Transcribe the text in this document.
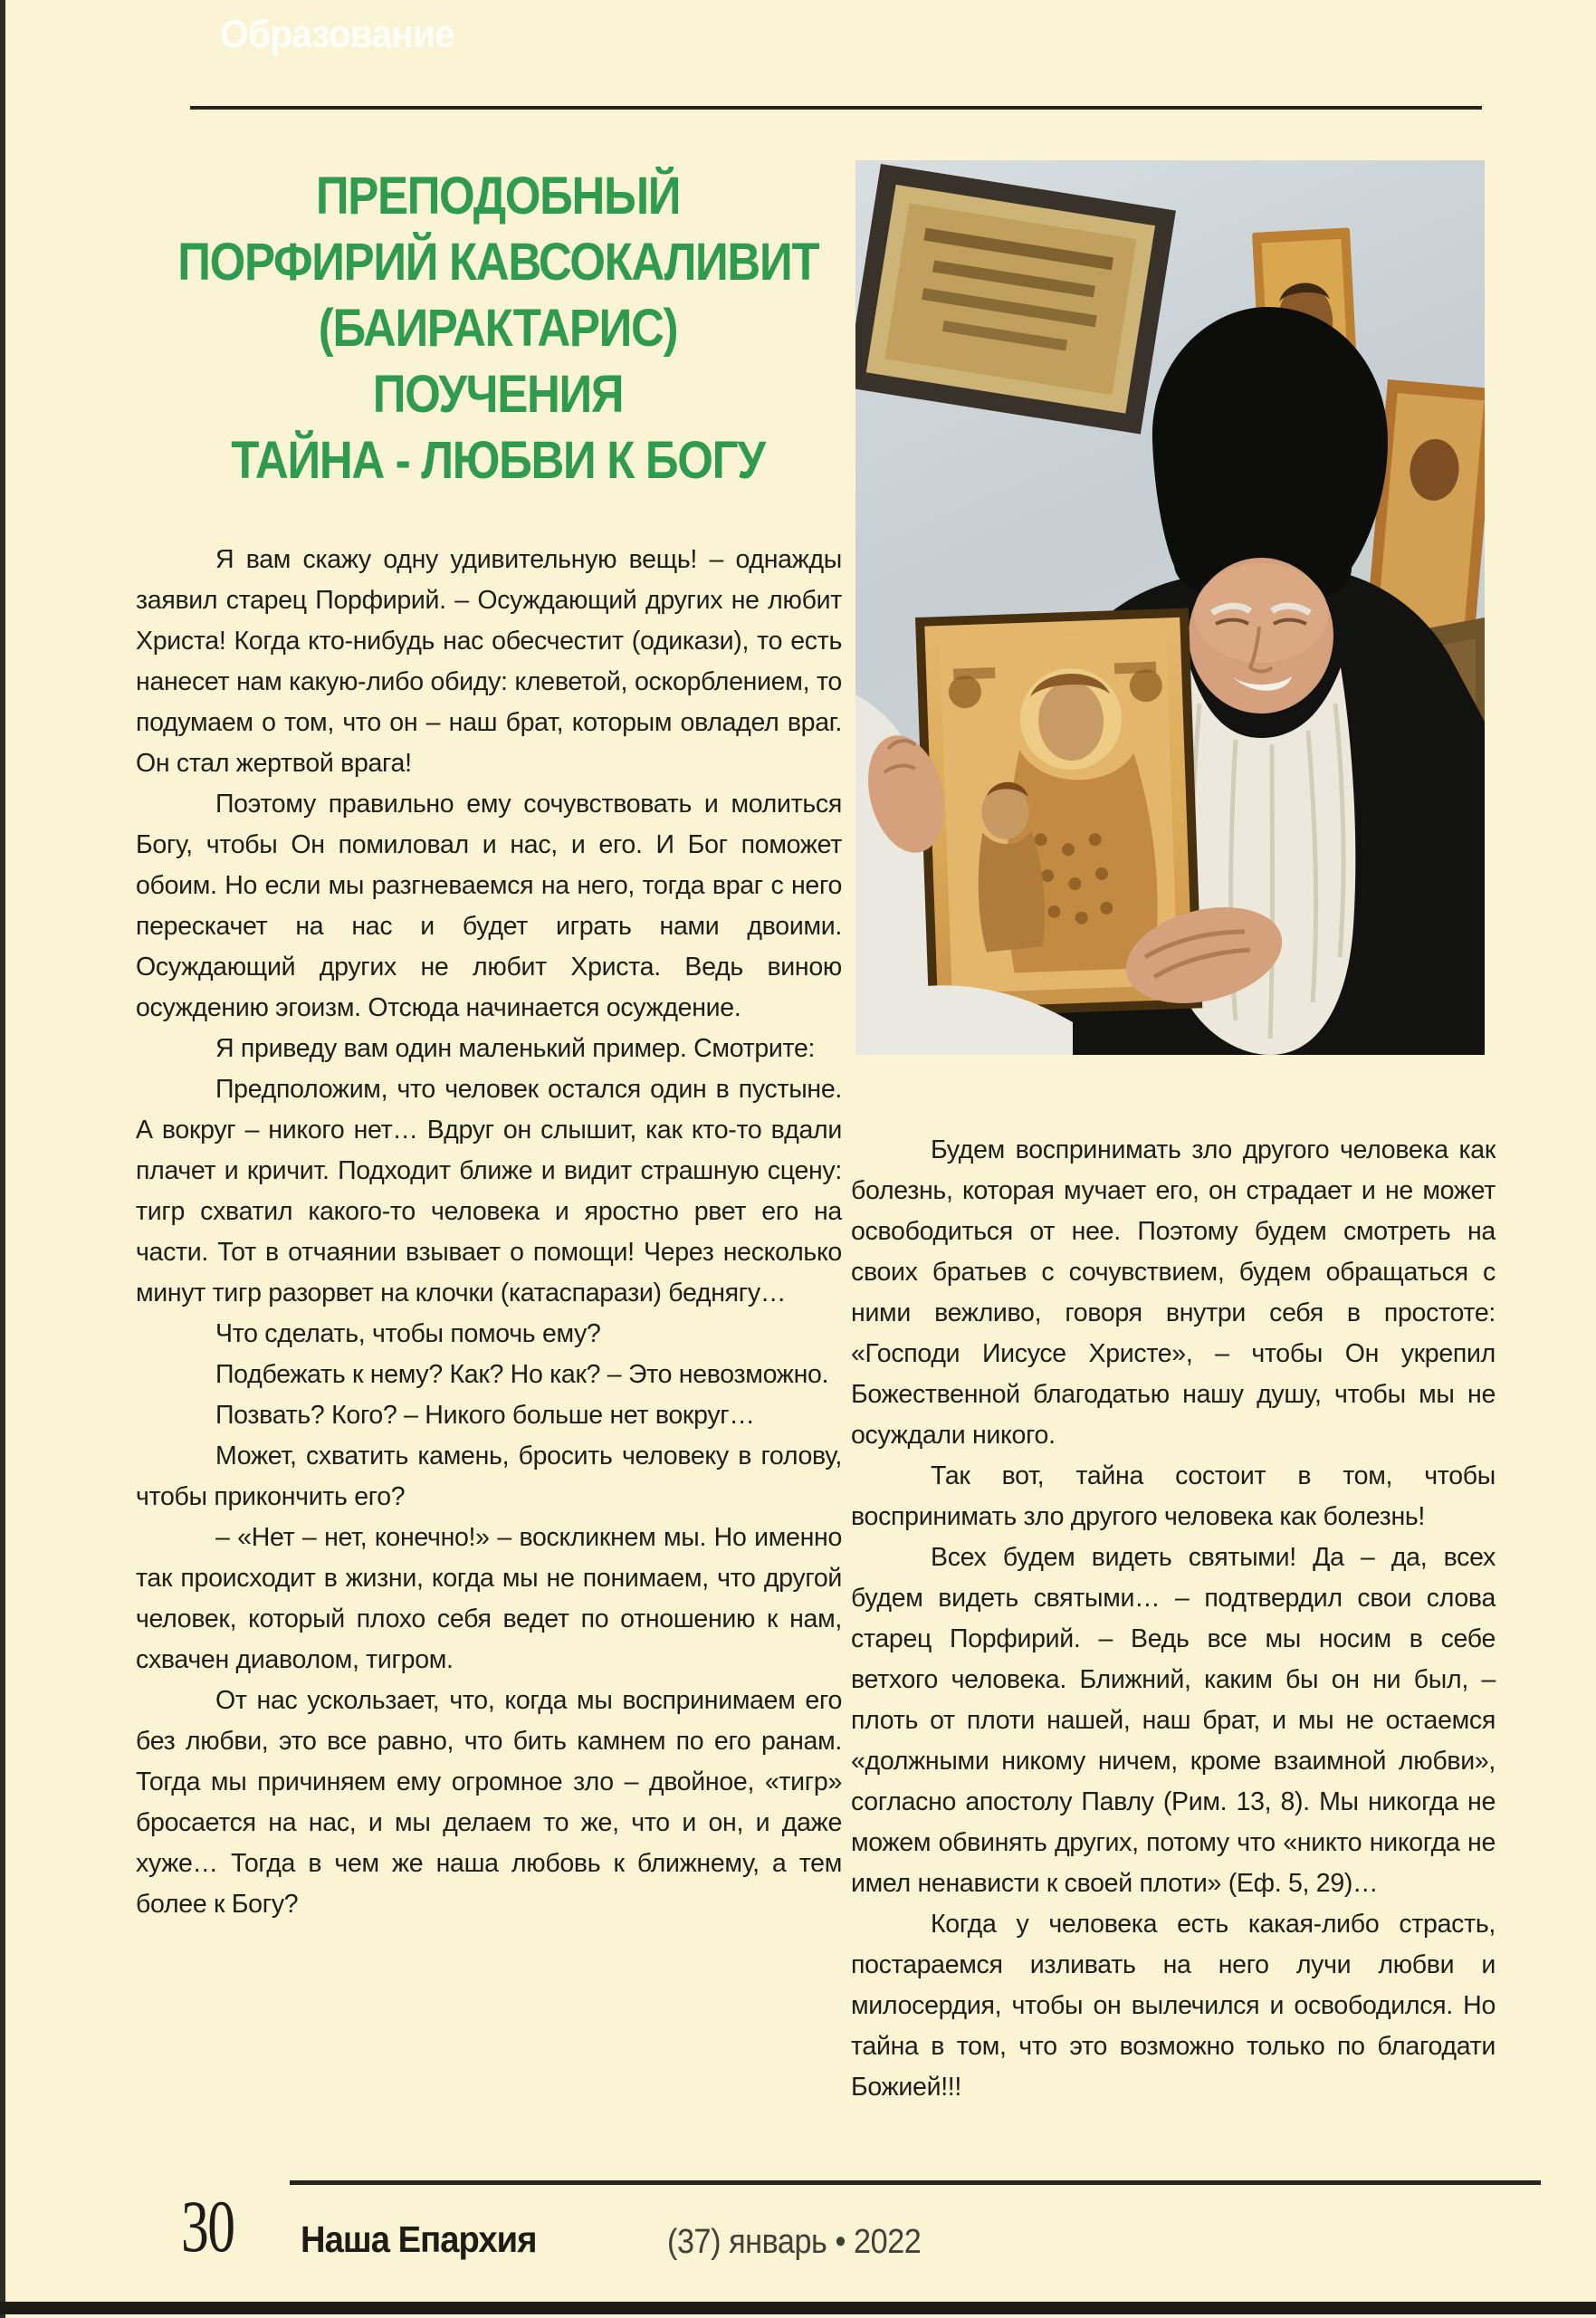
Образование
ПРЕПОДОБНЫЙ
ПОРФИРИЙ КАВСОКАЛИВИТ
(БАИРАКТАРИС)
ПОУЧЕНИЯ
ТАЙНА - ЛЮБВИ К БОГУ

Я вам скажу одну удивительную вещь! – однажды заявил старец Порфирий. – Осуждающий других не любит Христа! Когда кто-нибудь нас обесчестит (одикази), то есть нанесет нам какую-либо обиду: клеветой, оскорблением, то подумаем о том, что он – наш брат, которым овладел враг. Он стал жертвой врага!

Поэтому правильно ему сочувствовать и молиться Богу, чтобы Он помиловал и нас, и его. И Бог поможет обоим. Но если мы разгневаемся на него, тогда враг с него перескачет на нас и будет играть нами двоими. Осуждающий других не любит Христа. Ведь виною осуждению эгоизм. Отсюда начинается осуждение.

Я приведу вам один маленький пример. Смотрите:

Предположим, что человек остался один в пустыне. А вокруг – никого нет… Вдруг он слышит, как кто-то вдали плачет и кричит. Подходит ближе и видит страшную сцену: тигр схватил какого-то человека и яростно рвет его на части. Тот в отчаянии взывает о помощи! Через несколько минут тигр разорвет на клочки (катаспарази) беднягу…

Что сделать, чтобы помочь ему?

Подбежать к нему? Как? Но как? – Это невозможно.

Позвать? Кого? – Никого больше нет вокруг…

Может, схватить камень, бросить человеку в голову, чтобы прикончить его?

– «Нет – нет, конечно!» – воскликнем мы. Но именно так происходит в жизни, когда мы не понимаем, что другой человек, который плохо себя ведет по отношению к нам, схвачен диаволом, тигром.

От нас ускользает, что, когда мы воспринимаем его без любви, это все равно, что бить камнем по его ранам. Тогда мы причиняем ему огромное зло – двойное, «тигр» бросается на нас, и мы делаем то же, что и он, и даже хуже… Тогда в чем же наша любовь к ближнему, а тем более к Богу?

Будем воспринимать зло другого человека как болезнь, которая мучает его, он страдает и не может освободиться от нее. Поэтому будем смотреть на своих братьев с сочувствием, будем обращаться с ними вежливо, говоря внутри себя в простоте: «Господи Иисусе Христе», – чтобы Он укрепил Божественной благодатью нашу душу, чтобы мы не осуждали никого.

Так вот, тайна состоит в том, чтобы воспринимать зло другого человека как болезнь!

Всех будем видеть святыми! Да – да, всех будем видеть святыми… – подтвердил свои слова старец Порфирий. – Ведь все мы носим в себе ветхого человека. Ближний, каким бы он ни был, – плоть от плоти нашей, наш брат, и мы не остаемся «должными никому ничем, кроме взаимной любви», согласно апостолу Павлу (Рим. 13, 8). Мы никогда не можем обвинять других, потому что «никто никогда не имел ненависти к своей плоти» (Еф. 5, 29)…

Когда у человека есть какая-либо страсть, постараемся изливать на него лучи любви и милосердия, чтобы он вылечился и освободился. Но тайна в том, что это возможно только по благодати Божией!!!

30 Наша Епархия	(37) январь • 2022
